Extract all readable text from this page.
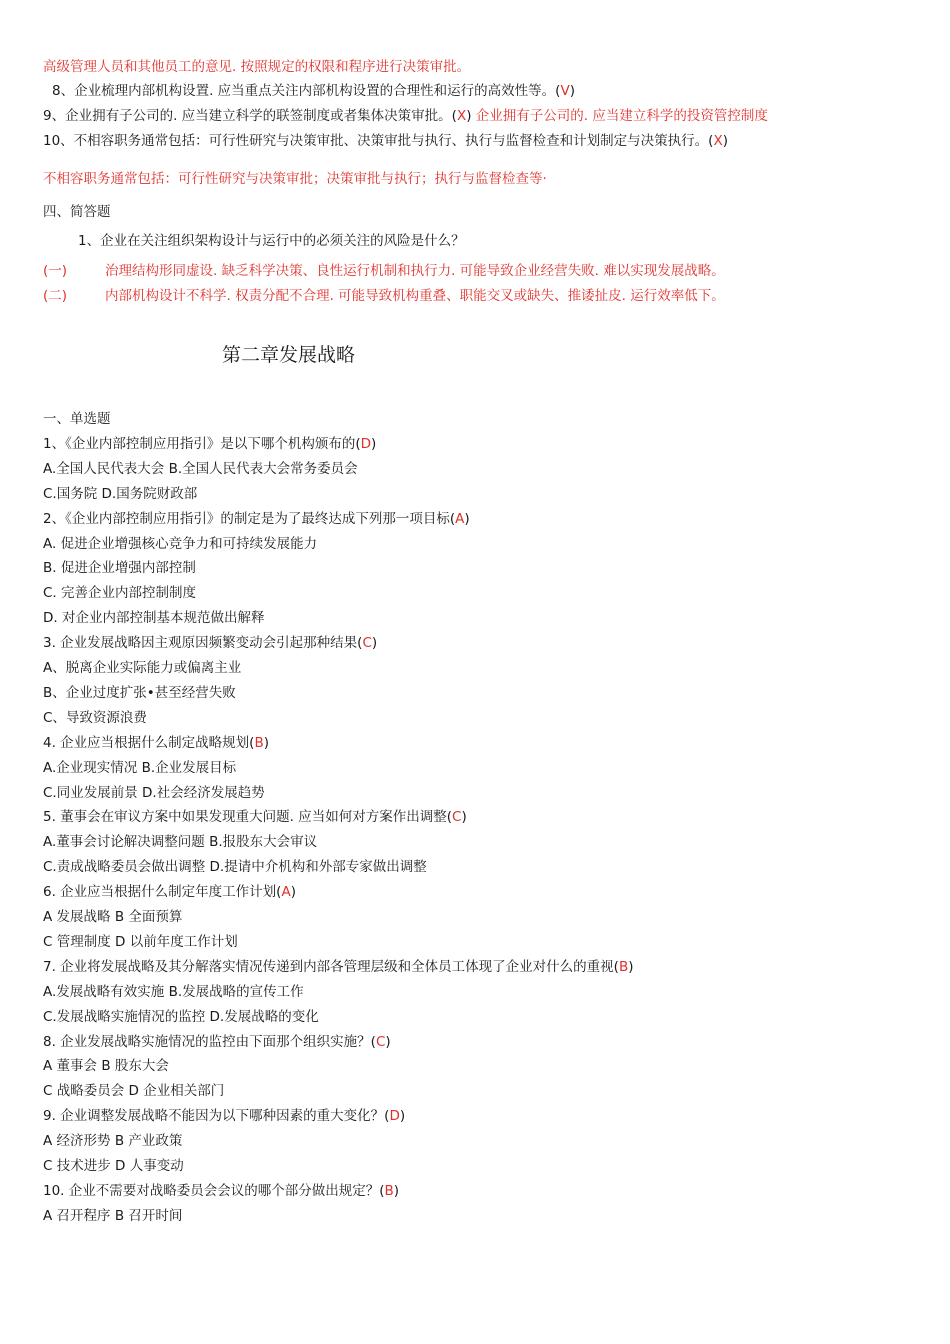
高级管理人员和其他员工的意见. 按照规定的权限和程序进行决策审批。
8、企业梳理内部机构设置. 应当重点关注内部机构设置的合理性和运行的高效性等。(V)
9、企业拥有子公司的. 应当建立科学的联签制度或者集体决策审批。(X) 企业拥有子公司的. 应当建立科学的投资管控制度
10、不相容职务通常包括：可行性研究与决策审批、决策审批与执行、执行与监督检查和计划制定与决策执行。(X)
不相容职务通常包括：可行性研究与决策审批；决策审批与执行；执行与监督检查等·
四、简答题
1、企业在关注组织架构设计与运行中的必须关注的风险是什么？
(一)	治理结构形同虚设. 缺乏科学决策、良性运行机制和执行力. 可能导致企业经营失败. 难以实现发展战略。
(二)	内部机构设计不科学. 权责分配不合理. 可能导致机构重叠、职能交叉或缺失、推诿扯皮. 运行效率低下。
第二章发展战略
一、单选题
1、《企业内部控制应用指引》是以下哪个机构颁布的(D)
A.全国人民代表大会 B.全国人民代表大会常务委员会
C.国务院 D.国务院财政部
2、《企业内部控制应用指引》的制定是为了最终达成下列那一项目标(A)
A. 促进企业增强核心竞争力和可持续发展能力
B. 促进企业增强内部控制
C. 完善企业内部控制制度
D. 对企业内部控制基本规范做出解释
3. 企业发展战略因主观原因频繁变动会引起那种结果(C)
A、脱离企业实际能力或偏离主业
B、企业过度扩张•甚至经营失败
C、导致资源浪费
4. 企业应当根据什么制定战略规划(B)
A.企业现实情况 B.企业发展目标
C.同业发展前景 D.社会经济发展趋势
5. 董事会在审议方案中如果发现重大问题. 应当如何对方案作出调整(C)
A.董事会讨论解决调整问题 B.报股东大会审议
C.责成战略委员会做出调整 D.提请中介机构和外部专家做出调整
6. 企业应当根据什么制定年度工作计划(A)
A 发展战略 B 全面预算
C 管理制度 D 以前年度工作计划
7. 企业将发展战略及其分解落实情况传递到内部各管理层级和全体员工体现了企业对什么的重视(B)
A.发展战略有效实施 B.发展战略的宣传工作
C.发展战略实施情况的监控 D.发展战略的变化
8. 企业发展战略实施情况的监控由下面那个组织实施？(C)
A 董事会 B 股东大会
C 战略委员会 D 企业相关部门
9. 企业调整发展战略不能因为以下哪种因素的重大变化？(D)
A 经济形势 B 产业政策
C 技术进步 D 人事变动
10. 企业不需要对战略委员会会议的哪个部分做出规定？(B)
A 召开程序 B 召开时间
